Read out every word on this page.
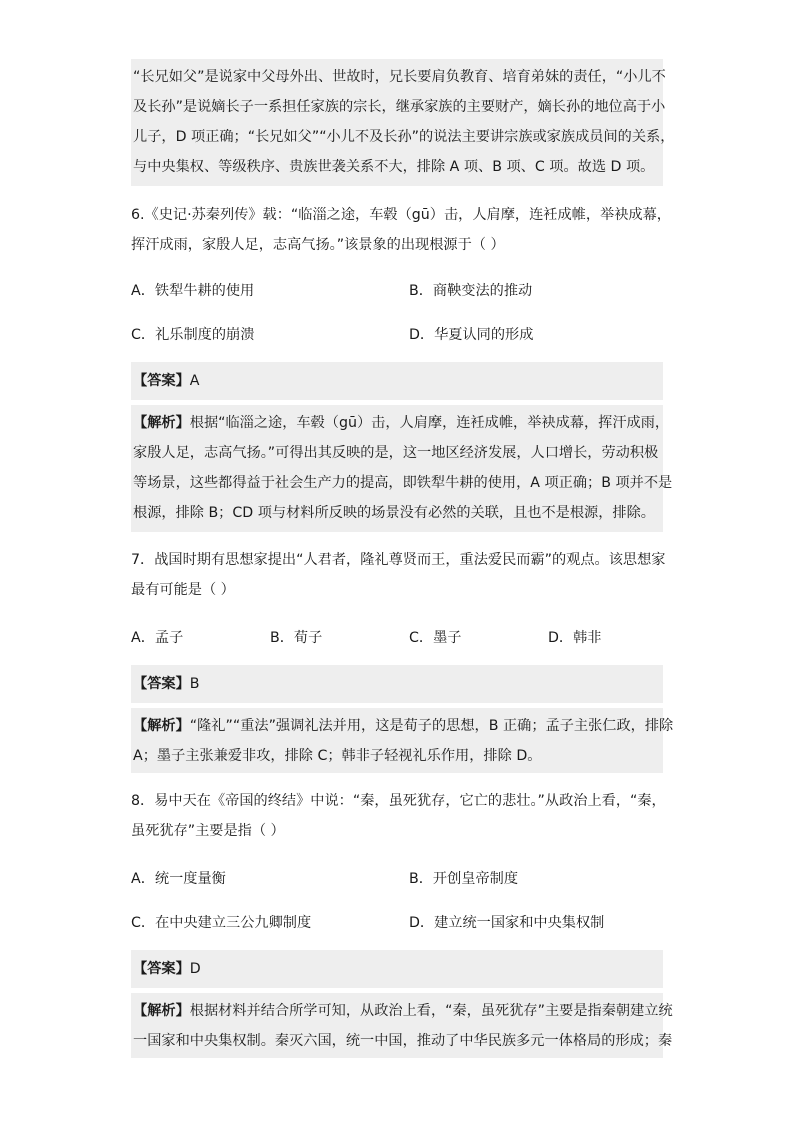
“长兄如父”是说家中父母外出、世故时，兄长要肩负教育、培育弟妹的责任，“小儿不
及长孙”是说嫡长子一系担任家族的宗长，继承家族的主要财产，嫡长孙的地位高于小
儿子，D 项正确；“长兄如父”“小儿不及长孙”的说法主要讲宗族或家族成员间的关系，
与中央集权、等级秩序、贵族世袭关系不大，排除 A 项、B 项、C 项。故选 D 项。
6.《史记·苏秦列传》载：“临淄之途，车毂（gū）击，人肩摩，连衽成帷，举袂成幕，
挥汗成雨，家殷人足，志高气扬。”该景象的出现根源于（ ）
A．铁犁牛耕的使用	B．商鞅变法的推动
C．礼乐制度的崩溃	D．华夏认同的形成
【答案】A
【解析】根据“临淄之途，车毂（gū）击，人肩摩，连衽成帷，举袂成幕，挥汗成雨，
家殷人足，志高气扬。”可得出其反映的是，这一地区经济发展，人口增长，劳动积极
等场景，这些都得益于社会生产力的提高，即铁犁牛耕的使用，A 项正确；B 项并不是
根源，排除 B；CD 项与材料所反映的场景没有必然的关联，且也不是根源，排除。
7．战国时期有思想家提出“人君者，隆礼尊贤而王，重法爱民而霸”的观点。该思想家
最有可能是（ ）
A．孟子	B．荀子	C．墨子	D．韩非
【答案】B
【解析】“隆礼”“重法”强调礼法并用，这是荀子的思想，B 正确；孟子主张仁政，排除
A；墨子主张兼爱非攻，排除 C；韩非子轻视礼乐作用，排除 D。
8．易中天在《帝国的终结》中说：“秦，虽死犹存，它亡的悲壮。”从政治上看，“秦，
虽死犹存”主要是指（ ）
A．统一度量衡	B．开创皇帝制度
C．在中央建立三公九卿制度	D．建立统一国家和中央集权制
【答案】D
【解析】根据材料并结合所学可知，从政治上看，“秦，虽死犹存”主要是指秦朝建立统
一国家和中央集权制。秦灭六国，统一中国，推动了中华民族多元一体格局的形成；秦
